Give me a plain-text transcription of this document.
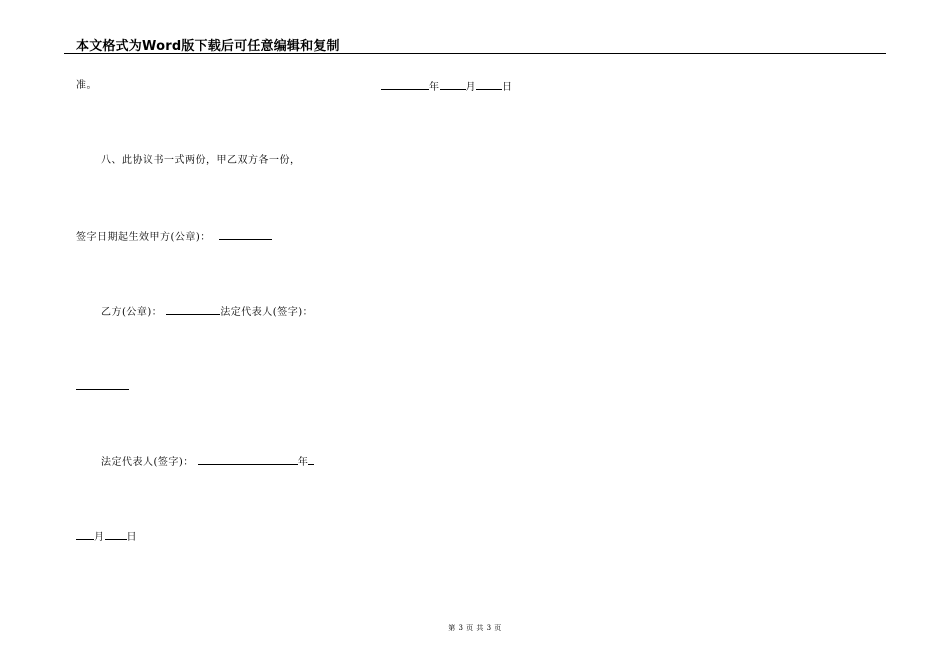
本文格式为Word版下载后可任意编辑和复制
准。	年	月	日
八、此协议书一式两份，甲乙双方各一份，
签字日期起生效甲方(公章)：
乙方(公章)：	法定代表人(签字)：
法定代表人(签字)：	年
月 日
第 3 页 共 3 页
